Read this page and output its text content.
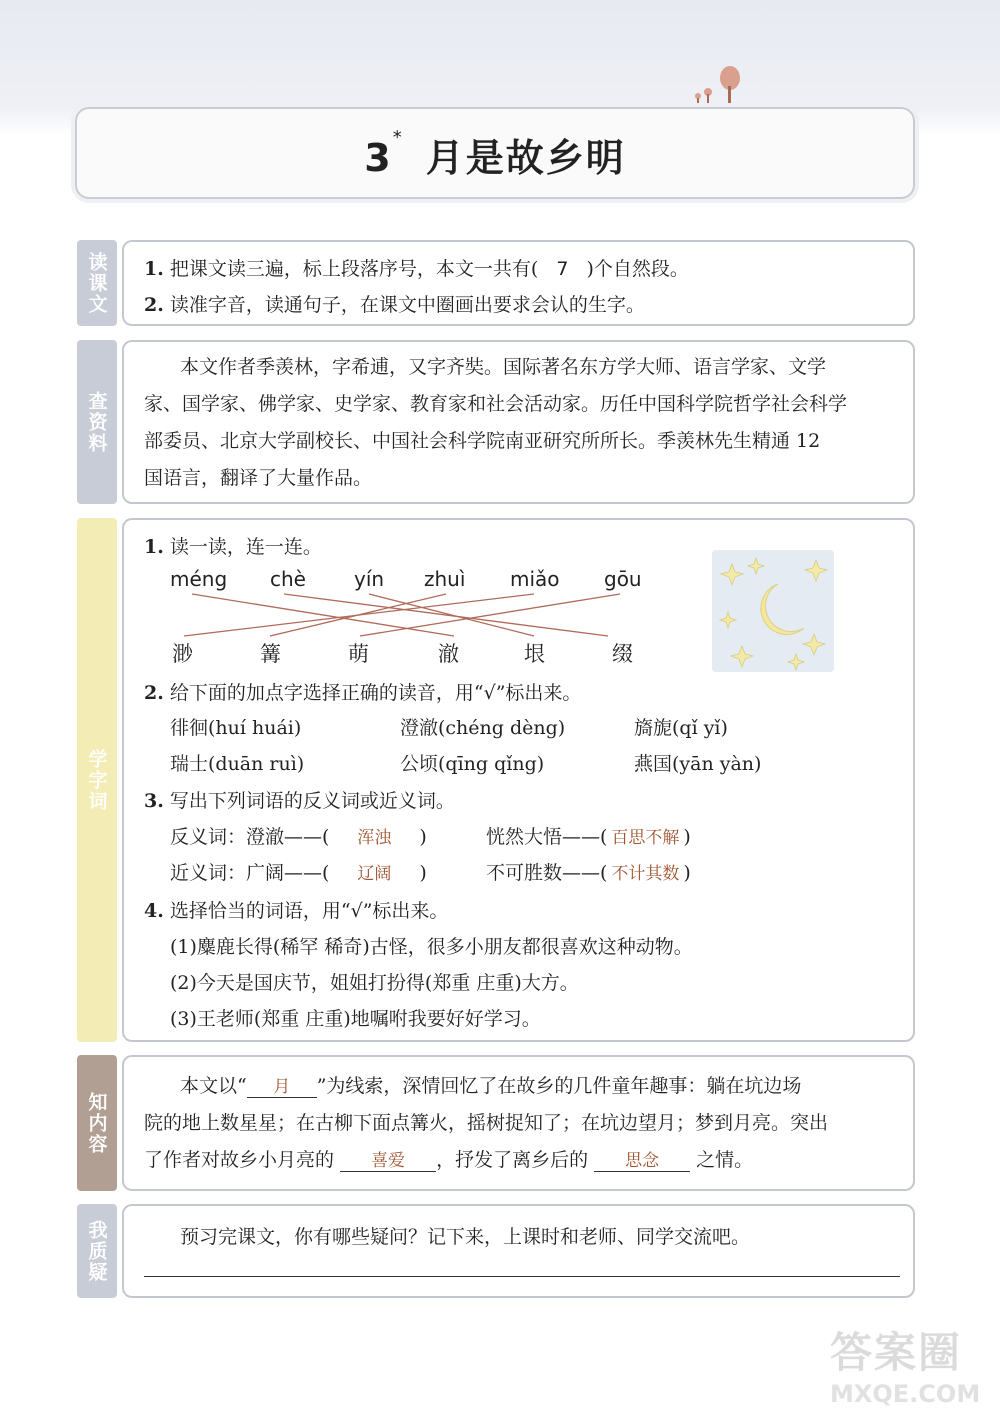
3* 月是故乡明
读课文	1. 把课文读三遍，标上段落序号，本文一共有( 7 )个自然段。
2. 读准字音，读通句子，在课文中圈画出要求会认的生字。
查资料
本文作者季羡林，字希逋，又字齐奘。国际著名东方学大师、语言学家、文学
家、国学家、佛学家、史学家、教育家和社会活动家。历任中国科学院哲学社会科学
部委员、北京大学副校长、中国社会科学院南亚研究所所长。季羡林先生精通 12
国语言，翻译了大量作品。
学字词
1. 读一读，连一连。
méng chè yín zhuì miǎo gōu
渺	篝	萌	澈	垠	缀
2. 给下面的加点字选择正确的读音，用“√”标出来。
徘徊(huí huái)	澄澈(chéng dèng)	旖旎(qǐ yǐ)
瑞士(duān ruì)	公顷(qīng qǐng)	燕国(yān yàn)
3. 写出下列词语的反义词或近义词。
反义词：澄澈——( 浑浊 )	恍然大悟——( 百思不解 )
近义词：广阔——( 辽阔 )	不可胜数——( 不计其数 )
4. 选择恰当的词语，用“√”标出来。
(1)麋鹿长得(稀罕 稀奇)古怪，很多小朋友都很喜欢这种动物。
(2)今天是国庆节，姐姐打扮得(郑重 庄重)大方。
(3)王老师(郑重 庄重)地嘱咐我要好好学习。
知内容
本文以“ 月 ”为线索，深情回忆了在故乡的几件童年趣事：躺在坑边场
院的地上数星星；在古柳下面点篝火，摇树捉知了；在坑边望月；梦到月亮。突出
了作者对故乡小月亮的 喜爱 ，抒发了离乡后的 思念 之情。
我质疑	预习完课文，你有哪些疑问？记下来，上课时和老师、同学交流吧。
答案圈
MXQE.COM
